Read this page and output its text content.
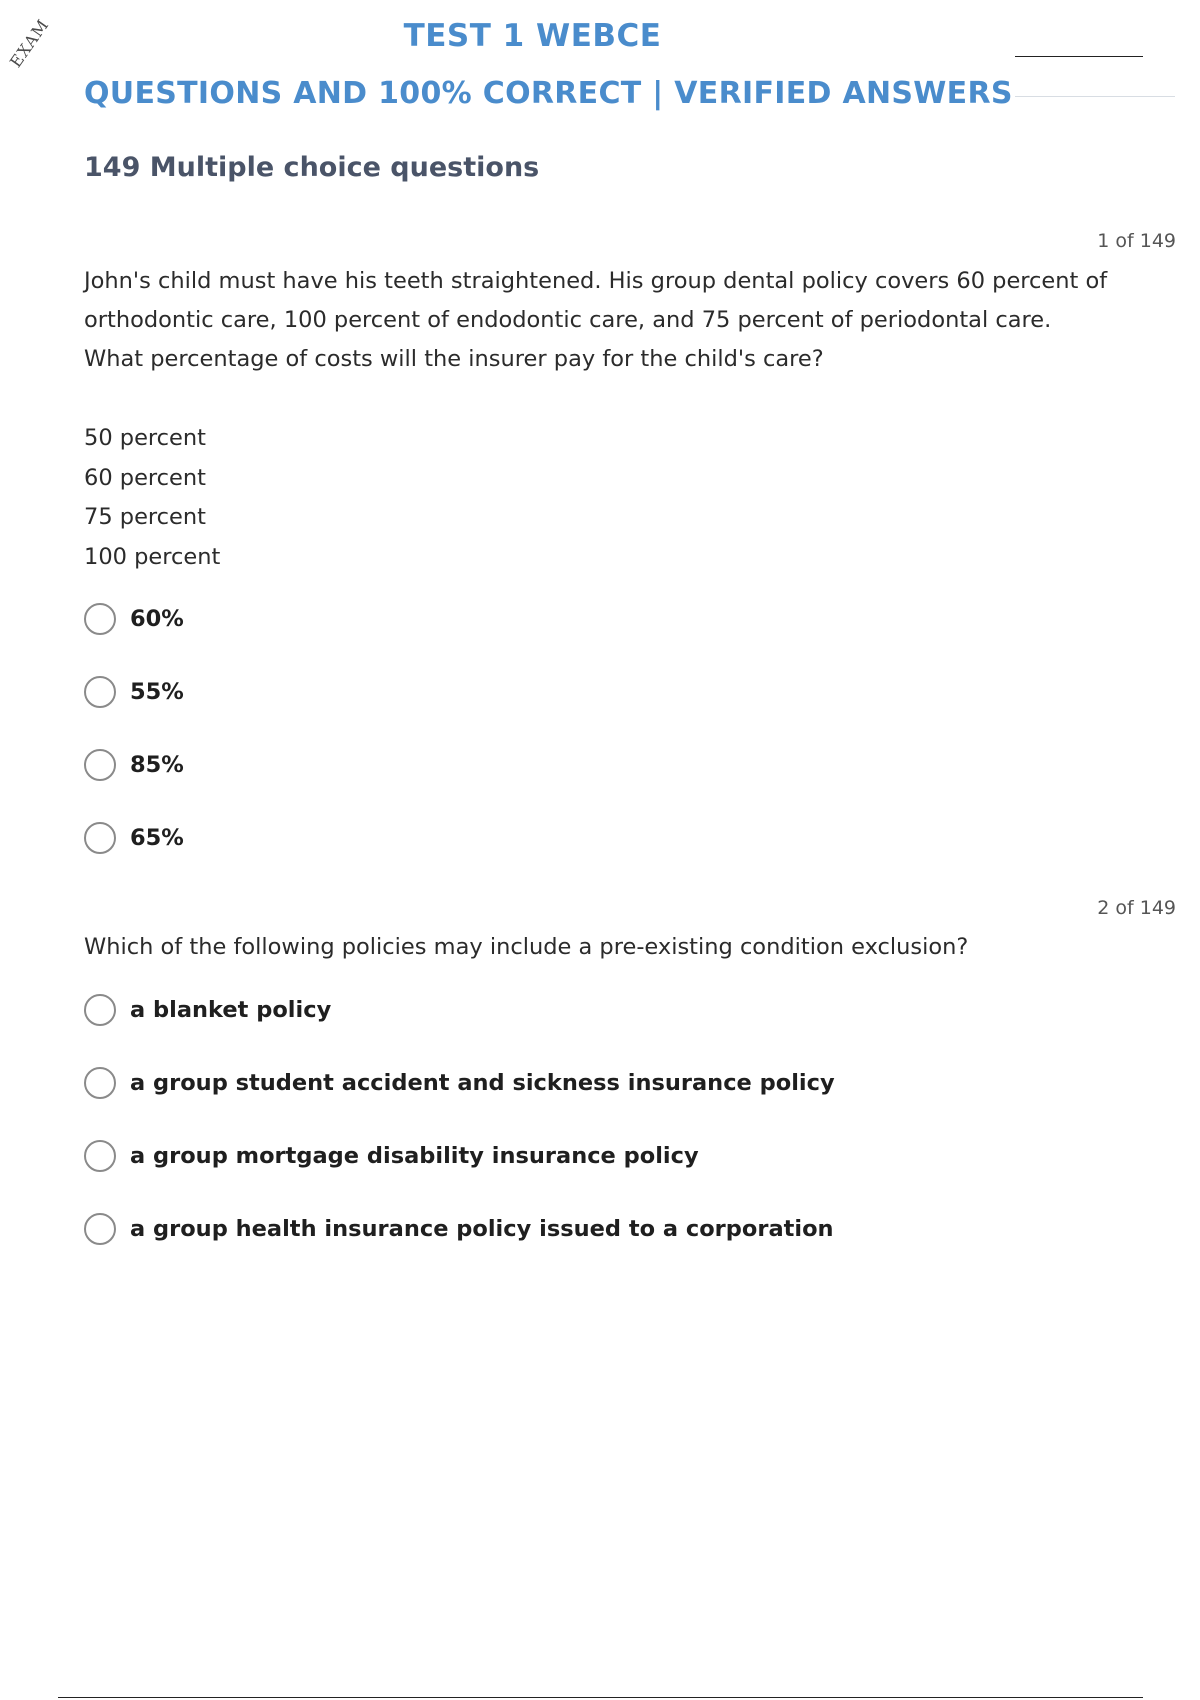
EXAM	TEST 1 WEBCE
QUESTIONS AND 100% CORRECT | VERIFIED ANSWERS
149 Multiple choice questions
1 of 149
John's child must have his teeth straightened. His group dental policy covers 60 percent of orthodontic care, 100 percent of endodontic care, and 75 percent of periodontal care. What percentage of costs will the insurer pay for the child's care?
50 percent
60 percent
75 percent
100 percent
60%
55%
85%
65%
2 of 149
Which of the following policies may include a pre-existing condition exclusion?
a blanket policy
a group student accident and sickness insurance policy
a group mortgage disability insurance policy
a group health insurance policy issued to a corporation
